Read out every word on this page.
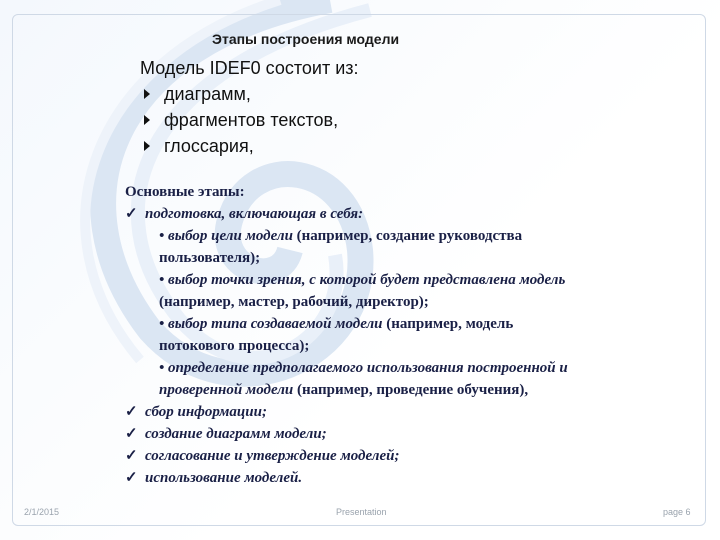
Этапы построения модели
Модель IDEF0 состоит из:
диаграмм,
фрагментов текстов,
глоссария,
Основные этапы:
✓ подготовка, включающая в себя:
• выбор цели модели (например, создание руководства
пользователя);
• выбор точки зрения, с которой будет представлена модель
(например, мастер, рабочий, директор);
• выбор типа создаваемой модели (например, модель
потокового процесса);
• определение предполагаемого использования построенной и
проверенной модели (например, проведение обучения),
✓ сбор информации;
✓ создание диаграмм модели;
✓ согласование и утверждение моделей;
✓ использование моделей.
2/1/2015	Presentation	page 6
